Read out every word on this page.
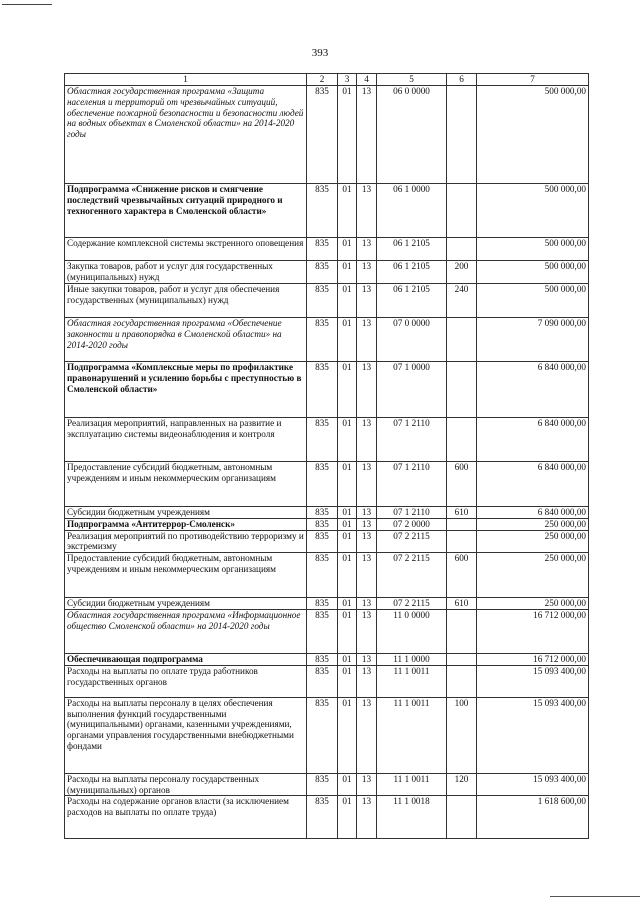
393
1	2	3	4	5	6	7
Областная государственная программа «Защита населения и территорий от чрезвычайных ситуаций, обеспечение пожарной безопасности и безопасности людей на водных объектах в Смоленской области» на 2014-2020 годы	835	01	13	06 0 0000		500 000,00
Подпрограмма «Снижение рисков и смягчение последствий чрезвычайных ситуаций природного и техногенного характера в Смоленской области»	835	01	13	06 1 0000		500 000,00
Содержание комплексной системы экстренного оповещения	835	01	13	06 1 2105		500 000,00
Закупка товаров, работ и услуг для государственных (муниципальных) нужд	835	01	13	06 1 2105	200	500 000,00
Иные закупки товаров, работ и услуг для обеспечения государственных (муниципальных) нужд	835	01	13	06 1 2105	240	500 000,00
Областная государственная программа «Обеспечение законности и правопорядка в Смоленской области» на 2014-2020 годы	835	01	13	07 0 0000		7 090 000,00
Подпрограмма «Комплексные меры по профилактике правонарушений и усилению борьбы с преступностью в Смоленской области»	835	01	13	07 1 0000		6 840 000,00
Реализация мероприятий, направленных на развитие и эксплуатацию системы видеонаблюдения и контроля	835	01	13	07 1 2110		6 840 000,00
Предоставление субсидий бюджетным, автономным учреждениям и иным некоммерческим организациям	835	01	13	07 1 2110	600	6 840 000,00
Субсидии бюджетным учреждениям	835	01	13	07 1 2110	610	6 840 000,00
Подпрограмма «Антитеррор-Смоленск»	835	01	13	07 2 0000		250 000,00
Реализация мероприятий по противодействию терроризму и экстремизму	835	01	13	07 2 2115		250 000,00
Предоставление субсидий бюджетным, автономным учреждениям и иным некоммерческим организациям	835	01	13	07 2 2115	600	250 000,00
Субсидии бюджетным учреждениям	835	01	13	07 2 2115	610	250 000,00
Областная государственная программа «Информационное общество Смоленской области» на 2014-2020 годы	835	01	13	11 0 0000		16 712 000,00
Обеспечивающая подпрограмма	835	01	13	11 1 0000		16 712 000,00
Расходы на выплаты по оплате труда работников государственных органов	835	01	13	11 1 0011		15 093 400,00
Расходы на выплаты персоналу в целях обеспечения выполнения функций государственными (муниципальными) органами, казенными учреждениями, органами управления государственными внебюджетными фондами	835	01	13	11 1 0011	100	15 093 400,00
Расходы на выплаты персоналу государственных (муниципальных) органов	835	01	13	11 1 0011	120	15 093 400,00
Расходы на содержание органов власти (за исключением расходов на выплаты по оплате труда)	835	01	13	11 1 0018		1 618 600,00
